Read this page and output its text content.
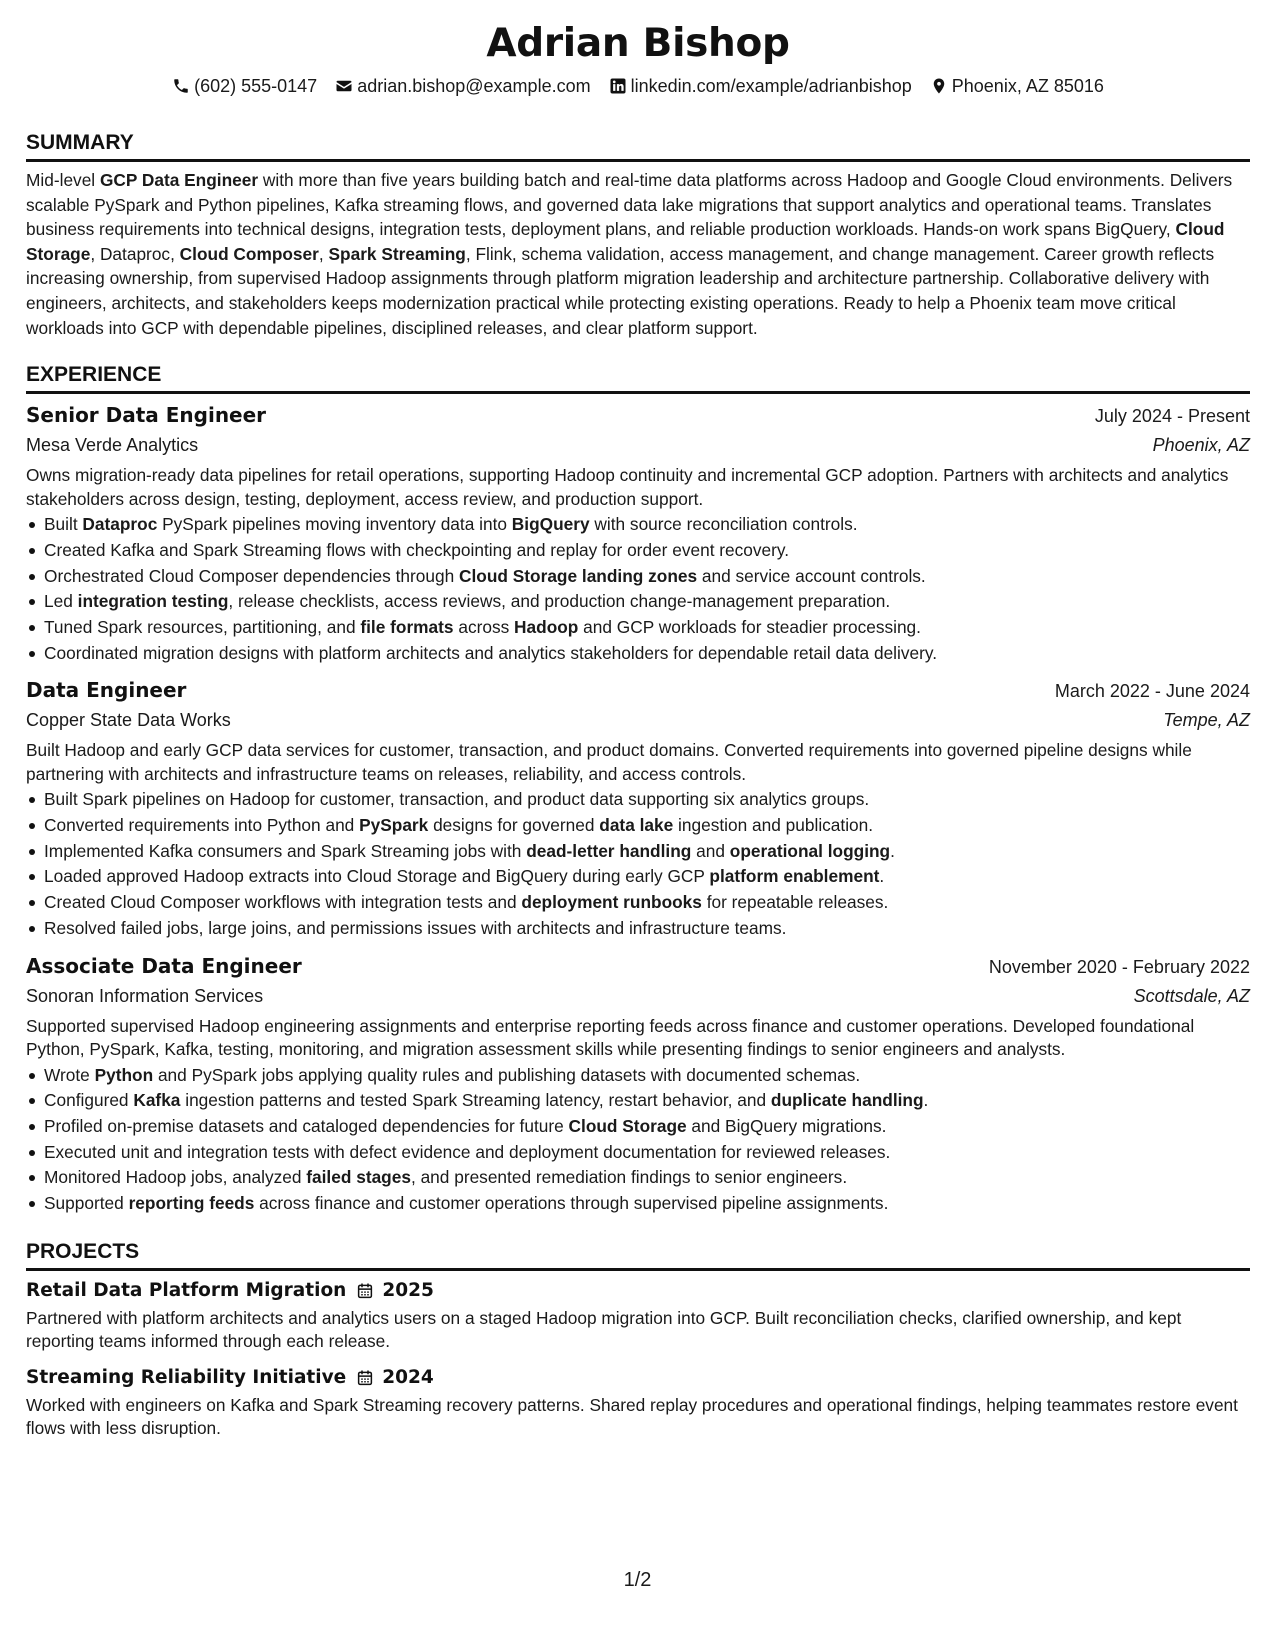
Adrian Bishop
(602) 555-0147 adrian.bishop@example.com linkedin.com/example/adrianbishop Phoenix, AZ 85016
SUMMARY

Mid-level GCP Data Engineer with more than five years building batch and real-time data platforms across Hadoop and Google Cloud environments. Delivers scalable PySpark and Python pipelines, Kafka streaming flows, and governed data lake migrations that support analytics and operational teams. Translates business requirements into technical designs, integration tests, deployment plans, and reliable production workloads. Hands-on work spans BigQuery, Cloud Storage, Dataproc, Cloud Composer, Spark Streaming, Flink, schema validation, access management, and change management. Career growth reflects increasing ownership, from supervised Hadoop assignments through platform migration leadership and architecture partnership. Collaborative delivery with engineers, architects, and stakeholders keeps modernization practical while protecting existing operations. Ready to help a Phoenix team move critical workloads into GCP with dependable pipelines, disciplined releases, and clear platform support.

EXPERIENCE
Senior Data Engineer	July 2024 - Present
Mesa Verde Analytics	Phoenix, AZ

Owns migration-ready data pipelines for retail operations, supporting Hadoop continuity and incremental GCP adoption. Partners with architects and analytics stakeholders across design, testing, deployment, access review, and production support.

Built Dataproc PySpark pipelines moving inventory data into BigQuery with source reconciliation controls.
Created Kafka and Spark Streaming flows with checkpointing and replay for order event recovery.
Orchestrated Cloud Composer dependencies through Cloud Storage landing zones and service account controls.
Led integration testing, release checklists, access reviews, and production change-management preparation.
Tuned Spark resources, partitioning, and file formats across Hadoop and GCP workloads for steadier processing.
Coordinated migration designs with platform architects and analytics stakeholders for dependable retail data delivery.
Data Engineer	March 2022 - June 2024
Copper State Data Works	Tempe, AZ

Built Hadoop and early GCP data services for customer, transaction, and product domains. Converted requirements into governed pipeline designs while partnering with architects and infrastructure teams on releases, reliability, and access controls.

Built Spark pipelines on Hadoop for customer, transaction, and product data supporting six analytics groups.
Converted requirements into Python and PySpark designs for governed data lake ingestion and publication.
Implemented Kafka consumers and Spark Streaming jobs with dead-letter handling and operational logging.
Loaded approved Hadoop extracts into Cloud Storage and BigQuery during early GCP platform enablement.
Created Cloud Composer workflows with integration tests and deployment runbooks for repeatable releases.
Resolved failed jobs, large joins, and permissions issues with architects and infrastructure teams.
Associate Data Engineer	November 2020 - February 2022
Sonoran Information Services	Scottsdale, AZ

Supported supervised Hadoop engineering assignments and enterprise reporting feeds across finance and customer operations. Developed foundational Python, PySpark, Kafka, testing, monitoring, and migration assessment skills while presenting findings to senior engineers and analysts.

Wrote Python and PySpark jobs applying quality rules and publishing datasets with documented schemas.
Configured Kafka ingestion patterns and tested Spark Streaming latency, restart behavior, and duplicate handling.
Profiled on-premise datasets and cataloged dependencies for future Cloud Storage and BigQuery migrations.
Executed unit and integration tests with defect evidence and deployment documentation for reviewed releases.
Monitored Hadoop jobs, analyzed failed stages, and presented remediation findings to senior engineers.
Supported reporting feeds across finance and customer operations through supervised pipeline assignments.
PROJECTS
Retail Data Platform Migration 2025

Partnered with platform architects and analytics users on a staged Hadoop migration into GCP. Built reconciliation checks, clarified ownership, and kept reporting teams informed through each release.

Streaming Reliability Initiative 2024

Worked with engineers on Kafka and Spark Streaming recovery patterns. Shared replay procedures and operational findings, helping teammates restore event flows with less disruption.

1/2
